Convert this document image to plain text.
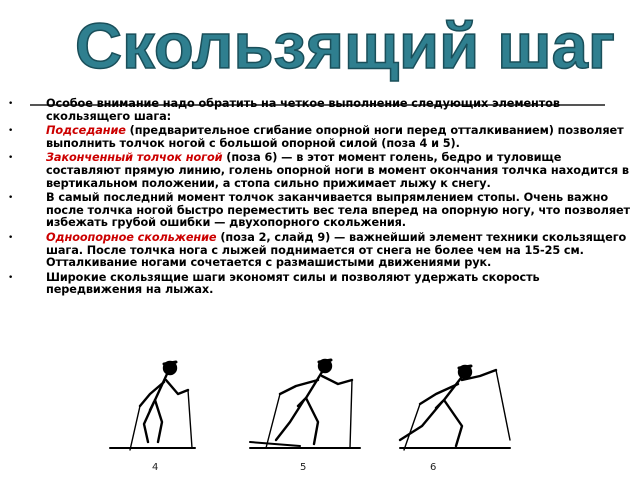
Скользящий шаг
•	Особое внимание надо обратить на четкое выполнение следующих элементов скользящего шага:
•	Подседание (предварительное сгибание опорной ноги перед отталкиванием) позволяет выполнить толчок ногой с большой опорной силой (поза 4 и 5).
•	Законченный толчок ногой (поза 6) — в этот момент голень, бедро и туловище составляют прямую линию, голень опорной ноги в момент окончания толчка находится в вертикальном положении, а стопа сильно прижимает лыжу к снегу.
•	В самый последний момент толчок заканчивается выпрямлением стопы. Очень важно после толчка ногой быстро переместить вес тела вперед на опорную ногу, что позволяет избежать грубой ошибки — двухопорного скольжения.
•	Одноопорное скольжение (поза 2, слайд 9) — важнейший элемент техники скользящего шага. После толчка нога с лыжей поднимается от снега не более чем на 15-25 см. Отталкивание ногами сочетается с размашистыми движениями рук.
•	Широкие скользящие шаги экономят силы и позволяют удержать скорость передвижения на лыжах.
4	5	6
